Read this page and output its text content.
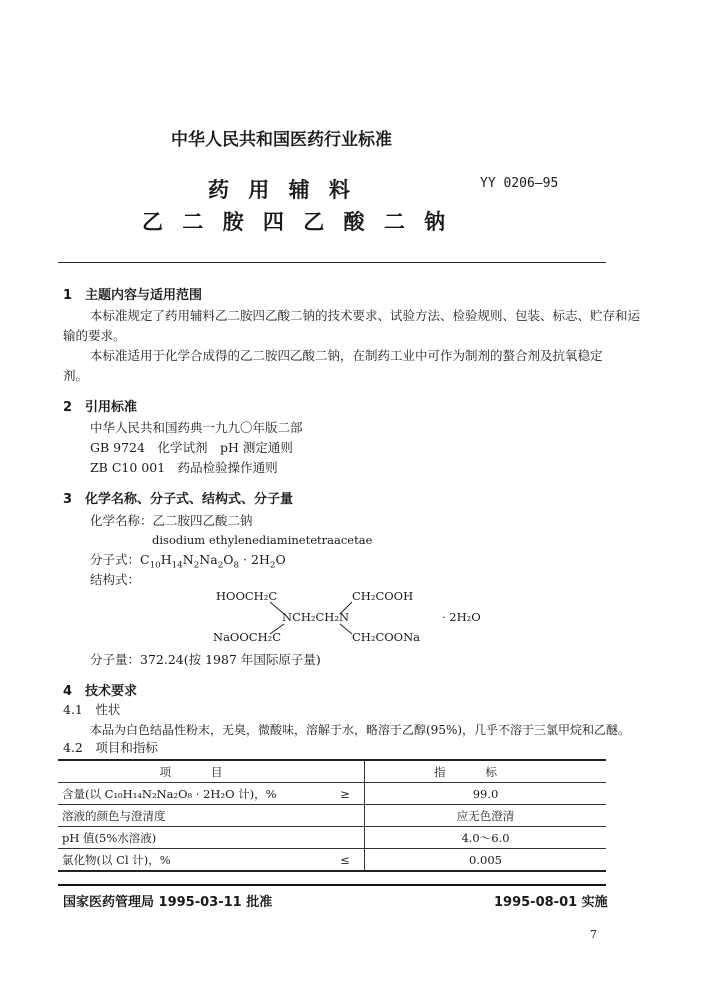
中华人民共和国医药行业标准
YY 0206—95
药 用 辅 料
乙 二 胺 四 乙 酸 二 钠
1　主题内容与适用范围
本标准规定了药用辅料乙二胺四乙酸二钠的技术要求、试验方法、检验规则、包装、标志、贮存和运
输的要求。
本标准适用于化学合成得的乙二胺四乙酸二钠，在制药工业中可作为制剂的螯合剂及抗氧稳定
剂。
2　引用标准
中华人民共和国药典一九九〇年版二部
GB 9724　化学试剂　pH 测定通则
ZB C10 001　药品检验操作通则
3　化学名称、分子式、结构式、分子量
化学名称：乙二胺四乙酸二钠
disodium ethylenediaminetetraacetae
分子式：$C_{10}H_{14}N_2Na_2O_8 \cdot 2H_2O$
结构式：
HOOCH₂C	CH₂COOH
NCH₂CH₂N
NaOOCH₂C	CH₂COONa
· 2H₂O
分子量：372.24(按 1987 年国际原子量)
4　技术要求
4.1　性状
本品为白色结晶性粉末，无臭，微酸味，溶解于水，略溶于乙醇(95%)，几乎不溶于三氯甲烷和乙醚。
4.2　项目和指标
项目		指标
含量(以 C₁₀H₁₄N₂Na₂O₈ · 2H₂O 计)，%	≥	99.0
溶液的颜色与澄清度		应无色澄清
pH 值(5%水溶液)		4.0～6.0
氯化物(以 Cl 计)，%	≤	0.005
国家医药管理局 1995-03-11 批准	1995-08-01 实施
7
